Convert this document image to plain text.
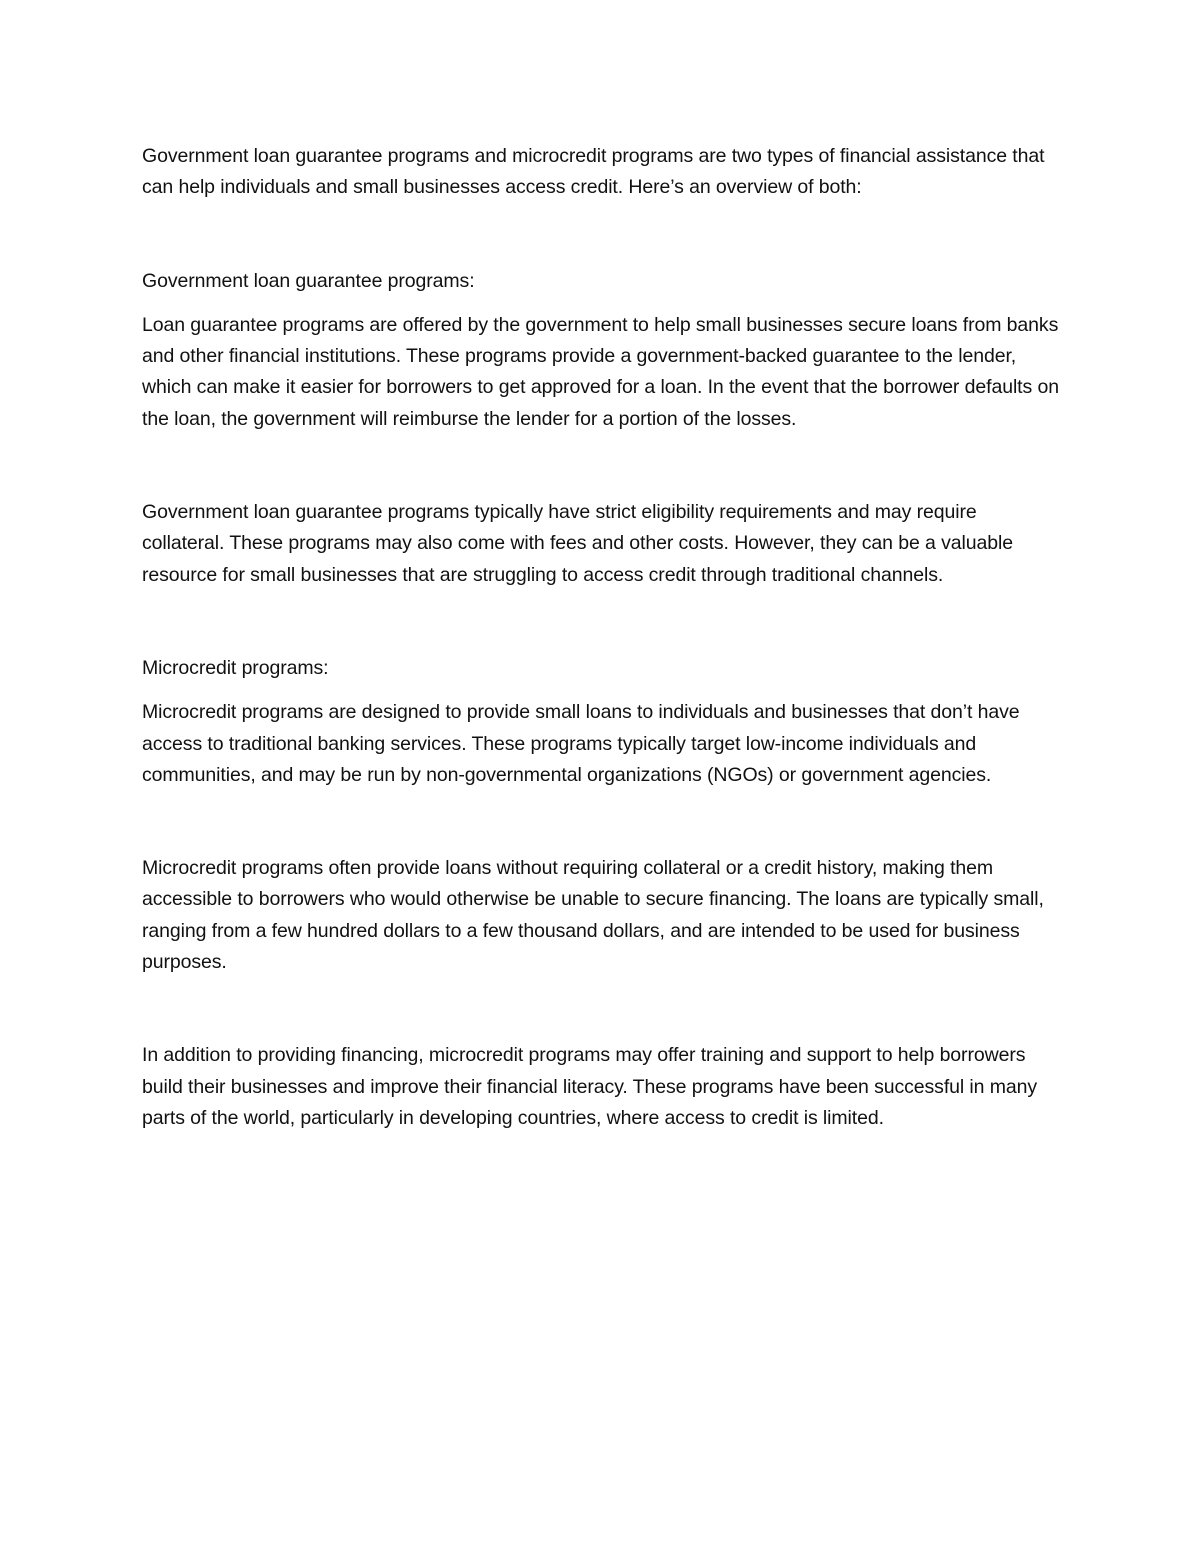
Government loan guarantee programs and microcredit programs are two types of financial assistance that can help individuals and small businesses access credit. Here’s an overview of both:

Government loan guarantee programs:

Loan guarantee programs are offered by the government to help small businesses secure loans from banks and other financial institutions. These programs provide a government-backed guarantee to the lender, which can make it easier for borrowers to get approved for a loan. In the event that the borrower defaults on the loan, the government will reimburse the lender for a portion of the losses.

Government loan guarantee programs typically have strict eligibility requirements and may require collateral. These programs may also come with fees and other costs. However, they can be a valuable resource for small businesses that are struggling to access credit through traditional channels.

Microcredit programs:

Microcredit programs are designed to provide small loans to individuals and businesses that don’t have access to traditional banking services. These programs typically target low-income individuals and communities, and may be run by non-governmental organizations (NGOs) or government agencies.

Microcredit programs often provide loans without requiring collateral or a credit history, making them accessible to borrowers who would otherwise be unable to secure financing. The loans are typically small, ranging from a few hundred dollars to a few thousand dollars, and are intended to be used for business purposes.

In addition to providing financing, microcredit programs may offer training and support to help borrowers build their businesses and improve their financial literacy. These programs have been successful in many parts of the world, particularly in developing countries, where access to credit is limited.
